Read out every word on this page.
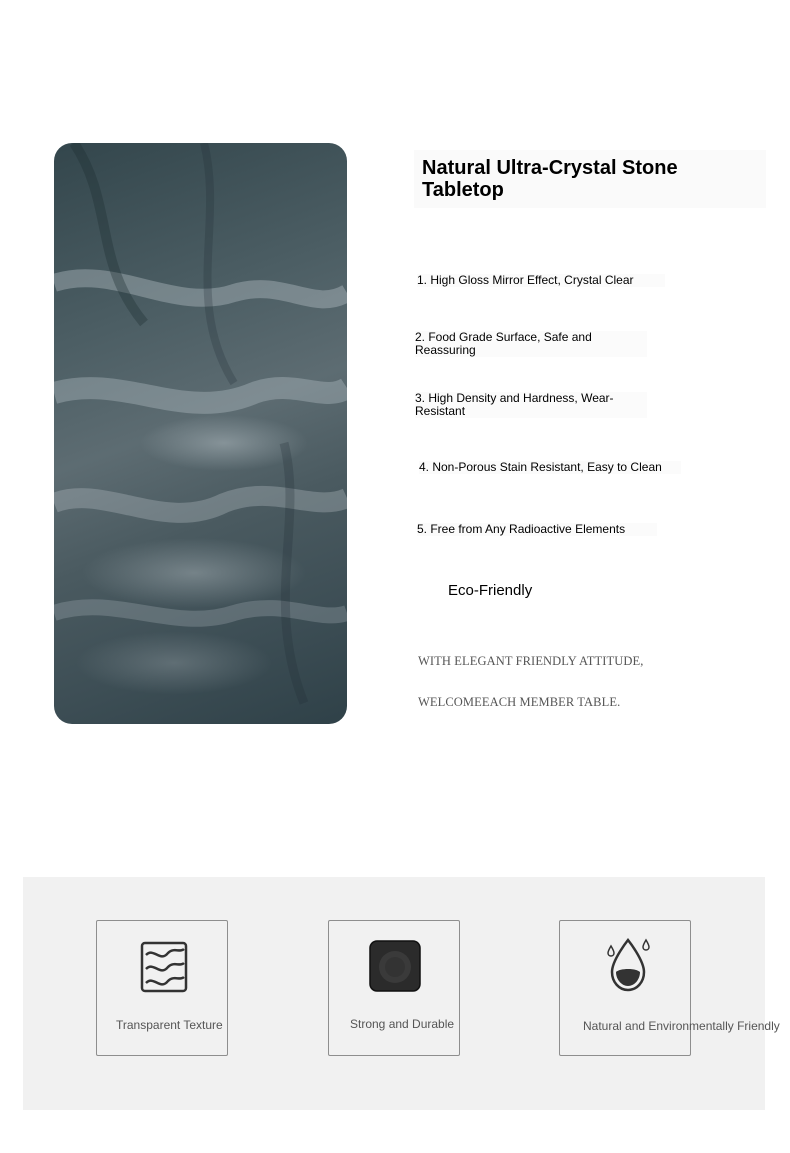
Natural Ultra-Crystal Stone Tabletop
1. High Gloss Mirror Effect, Crystal Clear
2. Food Grade Surface, Safe and Reassuring
3. High Density and Hardness, Wear-Resistant
4. Non-Porous Stain Resistant, Easy to Clean
5. Free from Any Radioactive Elements
Eco-Friendly
WITH ELEGANT FRIENDLY ATTITUDE,
WELCOMEEACH MEMBER TABLE.
Transparent Texture	Strong and Durable	Natural and Environmentally Friendly
